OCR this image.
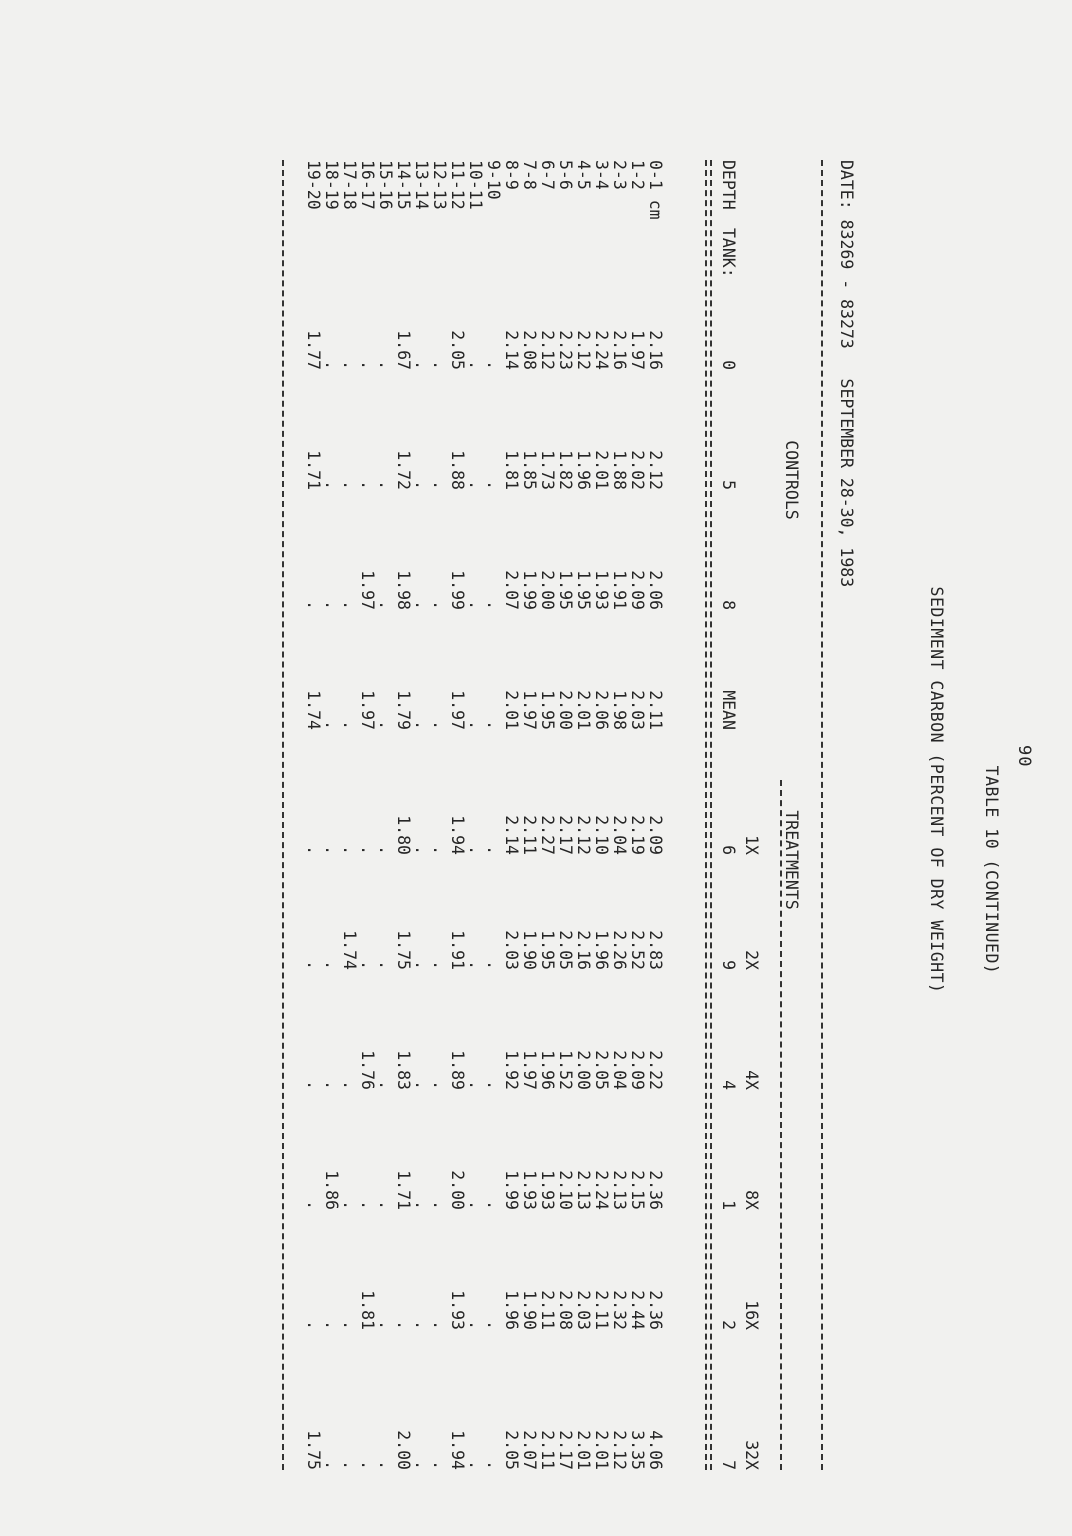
90
TABLE 10 (CONTINUED)
SEDIMENT CARBON (PERCENT OF DRY WEIGHT)
DATE: 83269 - 83273   SEPTEMBER 28-30, 1983
CONTROLS
TREATMENTS
DEPTH
TANK:
0
5
8
MEAN
1X
6
2X
9
4X
4
8X
1
16X
2
32X
7
0-1 cm
1-2
2-3
3-4
4-5
5-6
6-7
7-8
8-9
9-10
10-11
11-12
12-13
13-14
14-15
15-16
16-17
17-18
18-19
19-20
2.16
1.97
2.16
2.24
2.12
2.23
2.12
2.08
2.14
.
.
2.05
.
.
1.67
.
.
.
.
1.77
2.12
2.02
1.88
2.01
1.96
1.82
1.73
1.85
1.81
.
.
1.88
.
.
1.72
.
.
.
.
1.71
2.06
2.09
1.91
1.93
1.95
1.95
2.00
1.99
2.07
.
.
1.99
.
.
1.98
.
1.97
.
.
.
2.11
2.03
1.98
2.06
2.01
2.00
1.95
1.97
2.01
.
.
1.97
.
.
1.79
.
1.97
.
.
1.74
2.09
2.19
2.04
2.10
2.12
2.17
2.27
2.11
2.14
.
.
1.94
.
.
1.80
.
.
.
.
.
2.83
2.52
2.26
1.96
2.16
2.05
1.95
1.90
2.03
.
.
1.91
.
.
1.75
.
.
1.74
.
.
2.22
2.09
2.04
2.05
2.00
1.52
1.96
1.97
1.92
.
.
1.89
.
.
1.83
.
1.76
.
.
.
2.36
2.15
2.13
2.24
2.13
2.10
1.93
1.93
1.99
.
.
2.00
.
.
1.71
.
.
.
1.86
.
2.36
2.44
2.32
2.11
2.03
2.08
2.11
1.90
1.96
.
.
1.93
.
.
.
.
1.81
.
.
.
4.06
3.35
2.12
2.01
2.01
2.17
2.11
2.07
2.05
.
.
1.94
.
.
2.00
.
.
.
.
1.75
